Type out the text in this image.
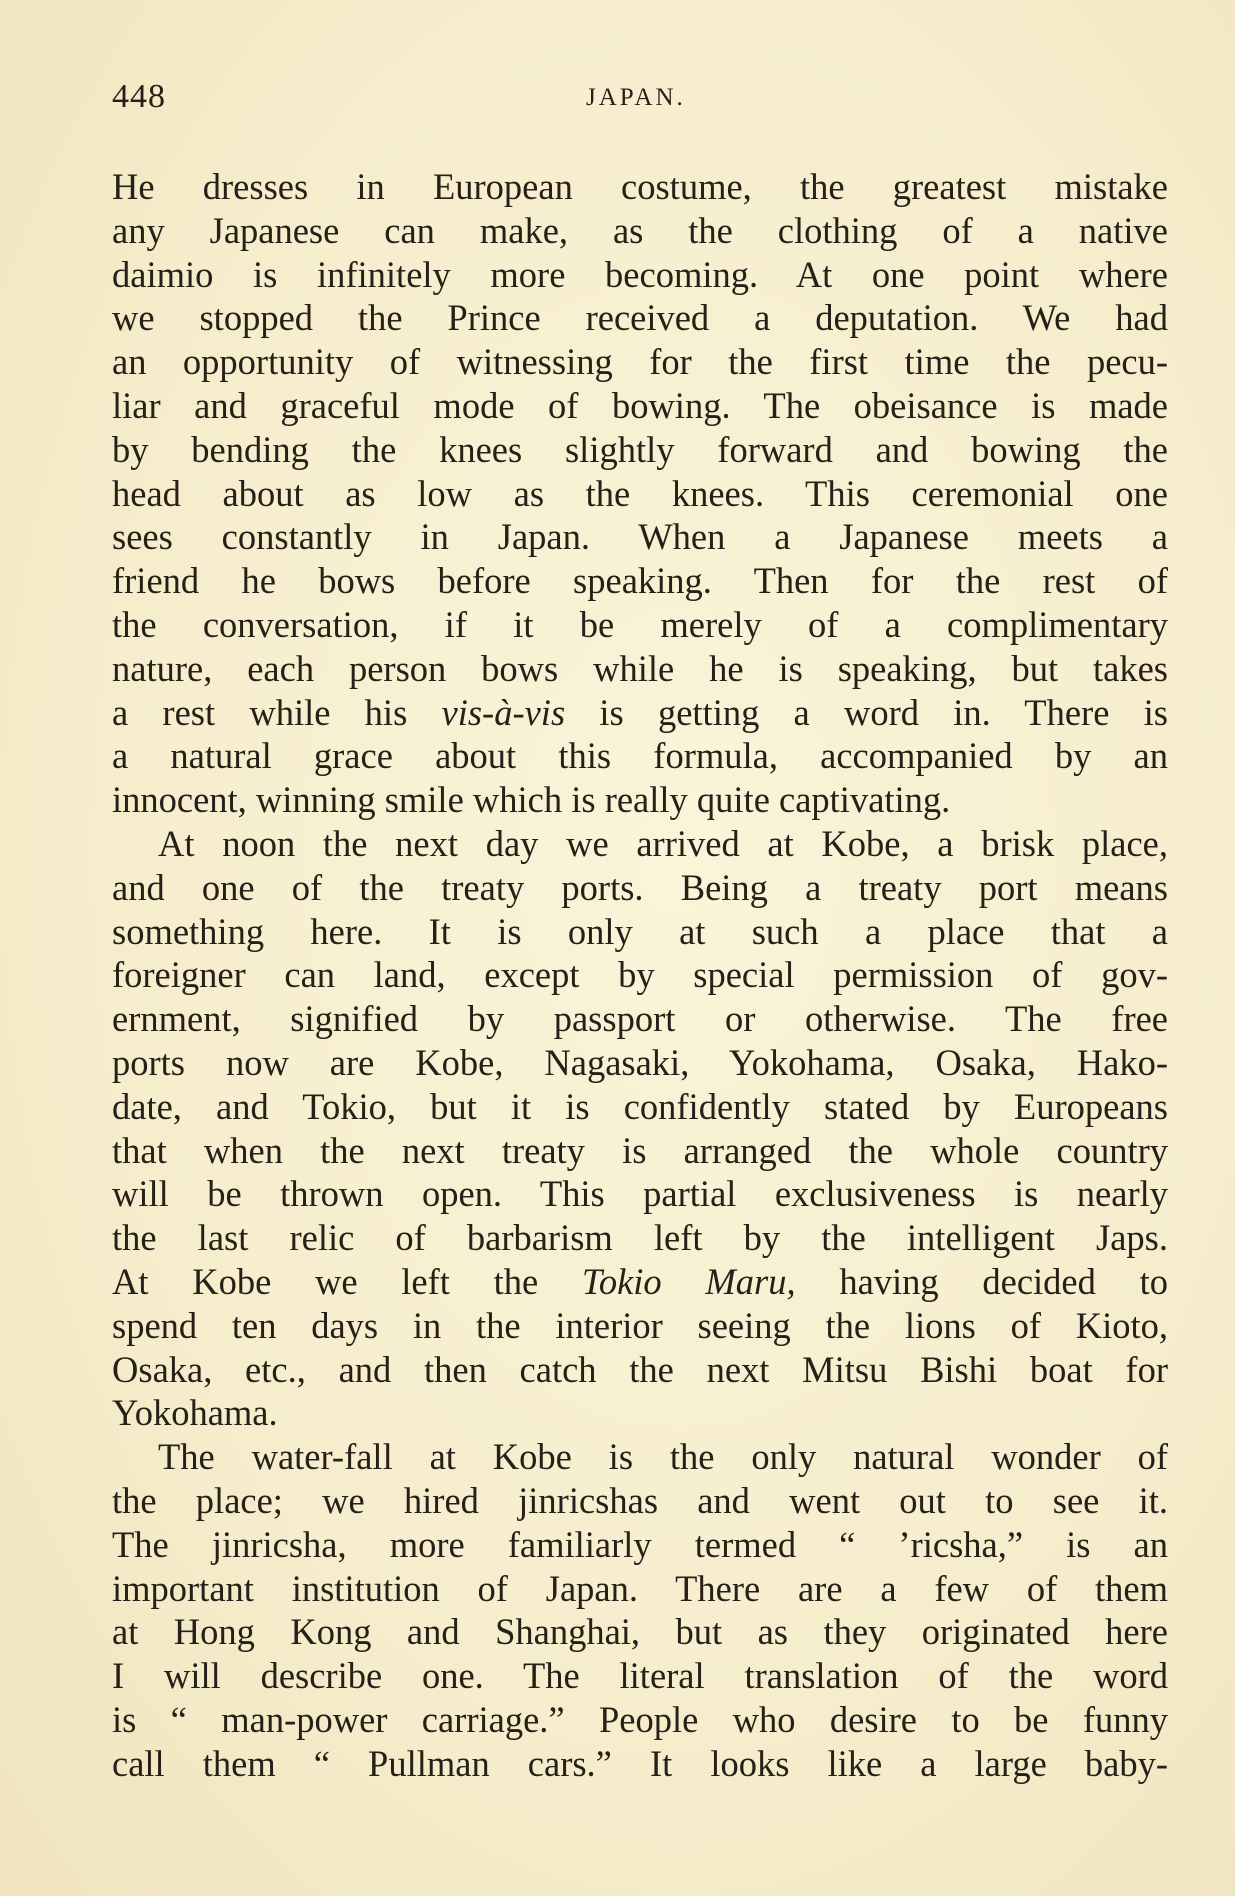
448	JAPAN.
He dresses in European costume, the greatest mistake
any Japanese can make, as the clothing of a native
daimio is infinitely more becoming. At one point where
we stopped the Prince received a deputation. We had
an opportunity of witnessing for the first time the pecu-
liar and graceful mode of bowing. The obeisance is made
by bending the knees slightly forward and bowing the
head about as low as the knees. This ceremonial one
sees constantly in Japan. When a Japanese meets a
friend he bows before speaking. Then for the rest of
the conversation, if it be merely of a complimentary
nature, each person bows while he is speaking, but takes
a rest while his vis-à-vis is getting a word in. There is
a natural grace about this formula, accompanied by an
innocent, winning smile which is really quite captivating.
At noon the next day we arrived at Kobe, a brisk place,
and one of the treaty ports. Being a treaty port means
something here. It is only at such a place that a
foreigner can land, except by special permission of gov-
ernment, signified by passport or otherwise. The free
ports now are Kobe, Nagasaki, Yokohama, Osaka, Hako-
date, and Tokio, but it is confidently stated by Europeans
that when the next treaty is arranged the whole country
will be thrown open. This partial exclusiveness is nearly
the last relic of barbarism left by the intelligent Japs.
At Kobe we left the Tokio Maru, having decided to
spend ten days in the interior seeing the lions of Kioto,
Osaka, etc., and then catch the next Mitsu Bishi boat for
Yokohama.
The water-fall at Kobe is the only natural wonder of
the place; we hired jinricshas and went out to see it.
The jinricsha, more familiarly termed “ ’ricsha,” is an
important institution of Japan. There are a few of them
at Hong Kong and Shanghai, but as they originated here
I will describe one. The literal translation of the word
is “ man-power carriage.” People who desire to be funny
call them “ Pullman cars.” It looks like a large baby-
